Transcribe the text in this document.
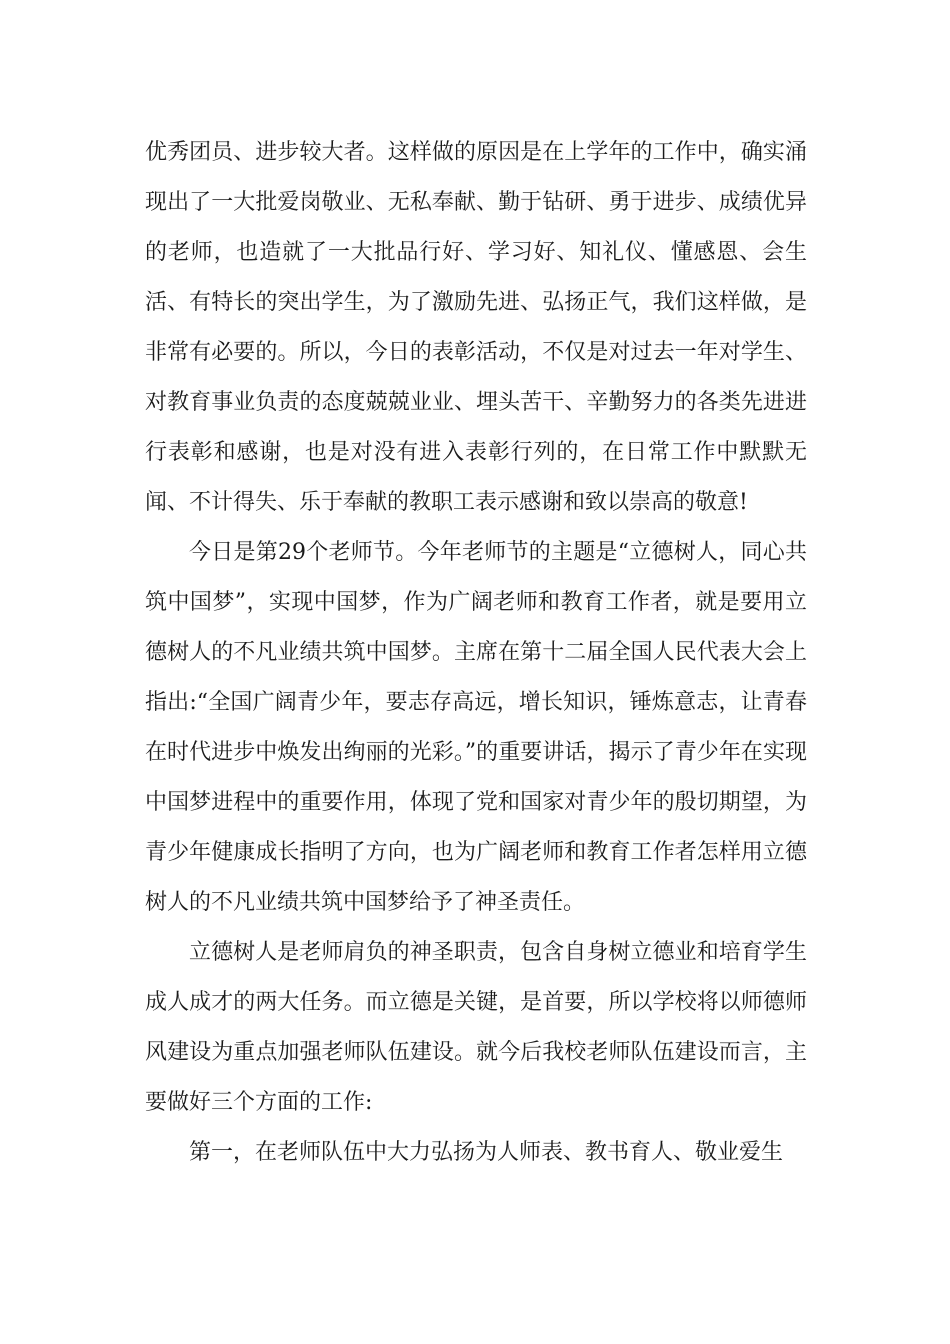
优秀团员、进步较大者。这样做的原因是在上学年的工作中，确实涌现出了一大批爱岗敬业、无私奉献、勤于钻研、勇于进步、成绩优异的老师，也造就了一大批品行好、学习好、知礼仪、懂感恩、会生活、有特长的突出学生，为了激励先进、弘扬正气，我们这样做，是非常有必要的。所以，今日的表彰活动，不仅是对过去一年对学生、对教育事业负责的态度兢兢业业、埋头苦干、辛勤努力的各类先进进行表彰和感谢，也是对没有进入表彰行列的，在日常工作中默默无闻、不计得失、乐于奉献的教职工表示感谢和致以崇高的敬意!

今日是第29个老师节。今年老师节的主题是“立德树人，同心共筑中国梦”，实现中国梦，作为广阔老师和教育工作者，就是要用立德树人的不凡业绩共筑中国梦。主席在第十二届全国人民代表大会上指出:“全国广阔青少年，要志存高远，增长知识，锤炼意志，让青春在时代进步中焕发出绚丽的光彩。”的重要讲话，揭示了青少年在实现中国梦进程中的重要作用，体现了党和国家对青少年的殷切期望，为青少年健康成长指明了方向，也为广阔老师和教育工作者怎样用立德树人的不凡业绩共筑中国梦给予了神圣责任。

立德树人是老师肩负的神圣职责，包含自身树立德业和培育学生成人成才的两大任务。而立德是关键，是首要，所以学校将以师德师风建设为重点加强老师队伍建设。就今后我校老师队伍建设而言，主要做好三个方面的工作:

第一，在老师队伍中大力弘扬为人师表、教书育人、敬业爱生
